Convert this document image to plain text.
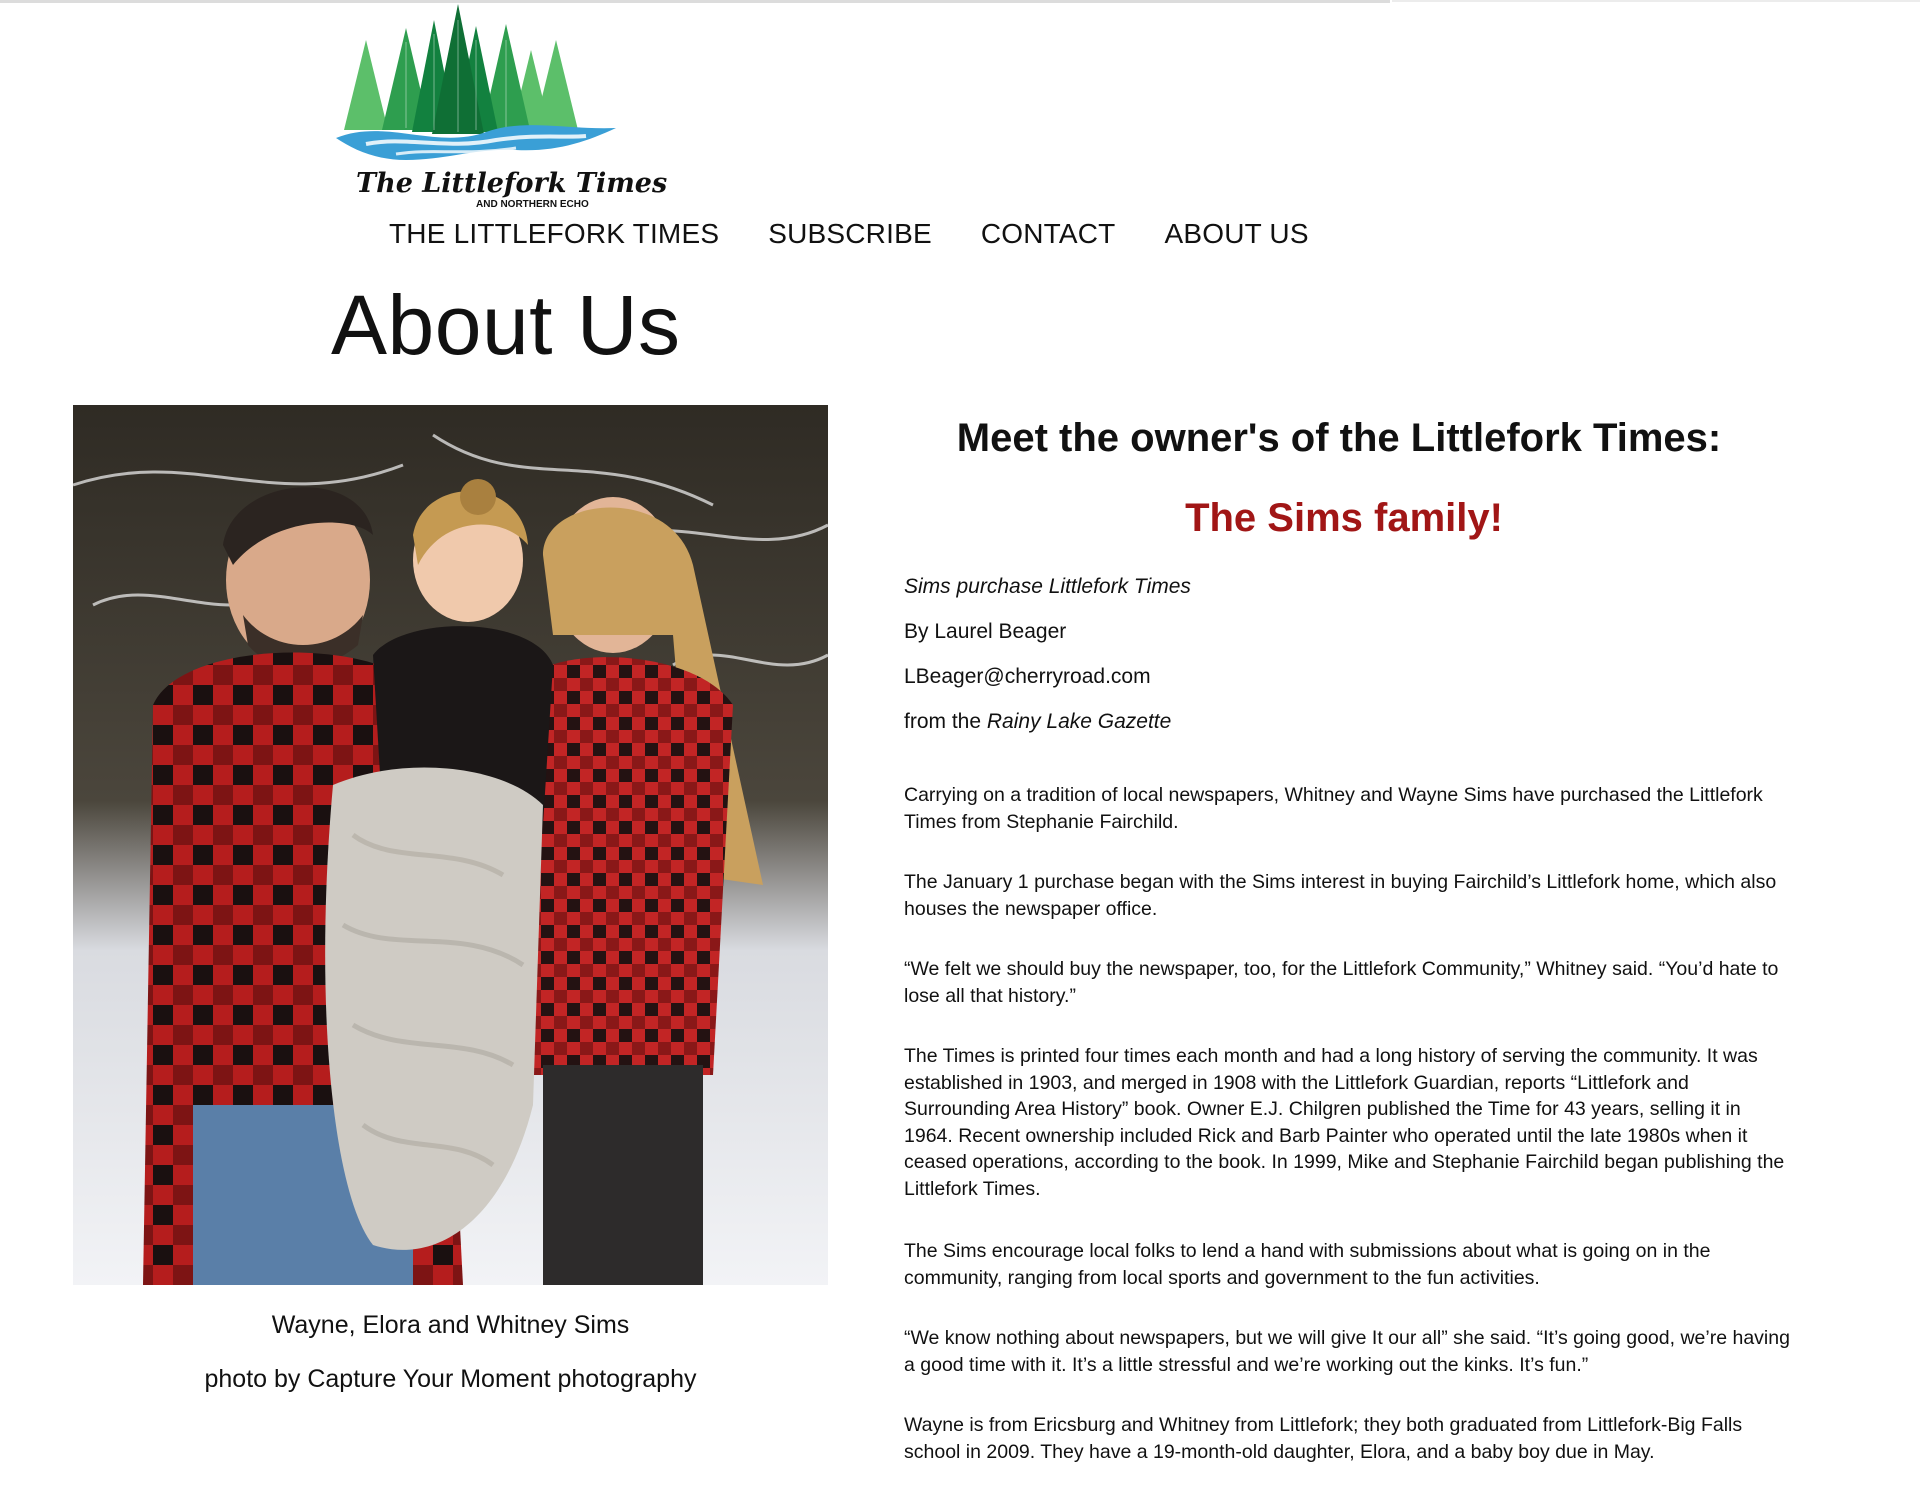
The Littlefork Times
AND NORTHERN ECHO
THE LITTLEFORK TIMES SUBSCRIBE CONTACT ABOUT US
About Us
Wayne, Elora and Whitney Sims
photo by Capture Your Moment photography
Meet the owner's of the Littlefork Times:
The Sims family!
Sims purchase Littlefork Times
By Laurel Beager
LBeager@cherryroad.com
from the Rainy Lake Gazette

Carrying on a tradition of local newspapers, Whitney and Wayne Sims have purchased the Littlefork Times from Stephanie Fairchild.

The January 1 purchase began with the Sims interest in buying Fairchild’s Littlefork home, which also houses the newspaper office.

“We felt we should buy the newspaper, too, for the Littlefork Community,” Whitney said. “You’d hate to lose all that history.”

The Times is printed four times each month and had a long history of serving the community. It was established in 1903, and merged in 1908 with the Littlefork Guardian, reports “Littlefork and Surrounding Area History” book. Owner E.J. Chilgren published the Time for 43 years, selling it in 1964. Recent ownership included Rick and Barb Painter who operated until the late 1980s when it ceased operations, according to the book. In 1999, Mike and Stephanie Fairchild began publishing the Littlefork Times.

The Sims encourage local folks to lend a hand with submissions about what is going on in the community, ranging from local sports and government to the fun activities.

“We know nothing about newspapers, but we will give It our all” she said. “It’s going good, we’re having a good time with it. It’s a little stressful and we’re working out the kinks. It’s fun.”

Wayne is from Ericsburg and Whitney from Littlefork; they both graduated from Littlefork-Big Falls school in 2009. They have a 19-month-old daughter, Elora, and a baby boy due in May.
